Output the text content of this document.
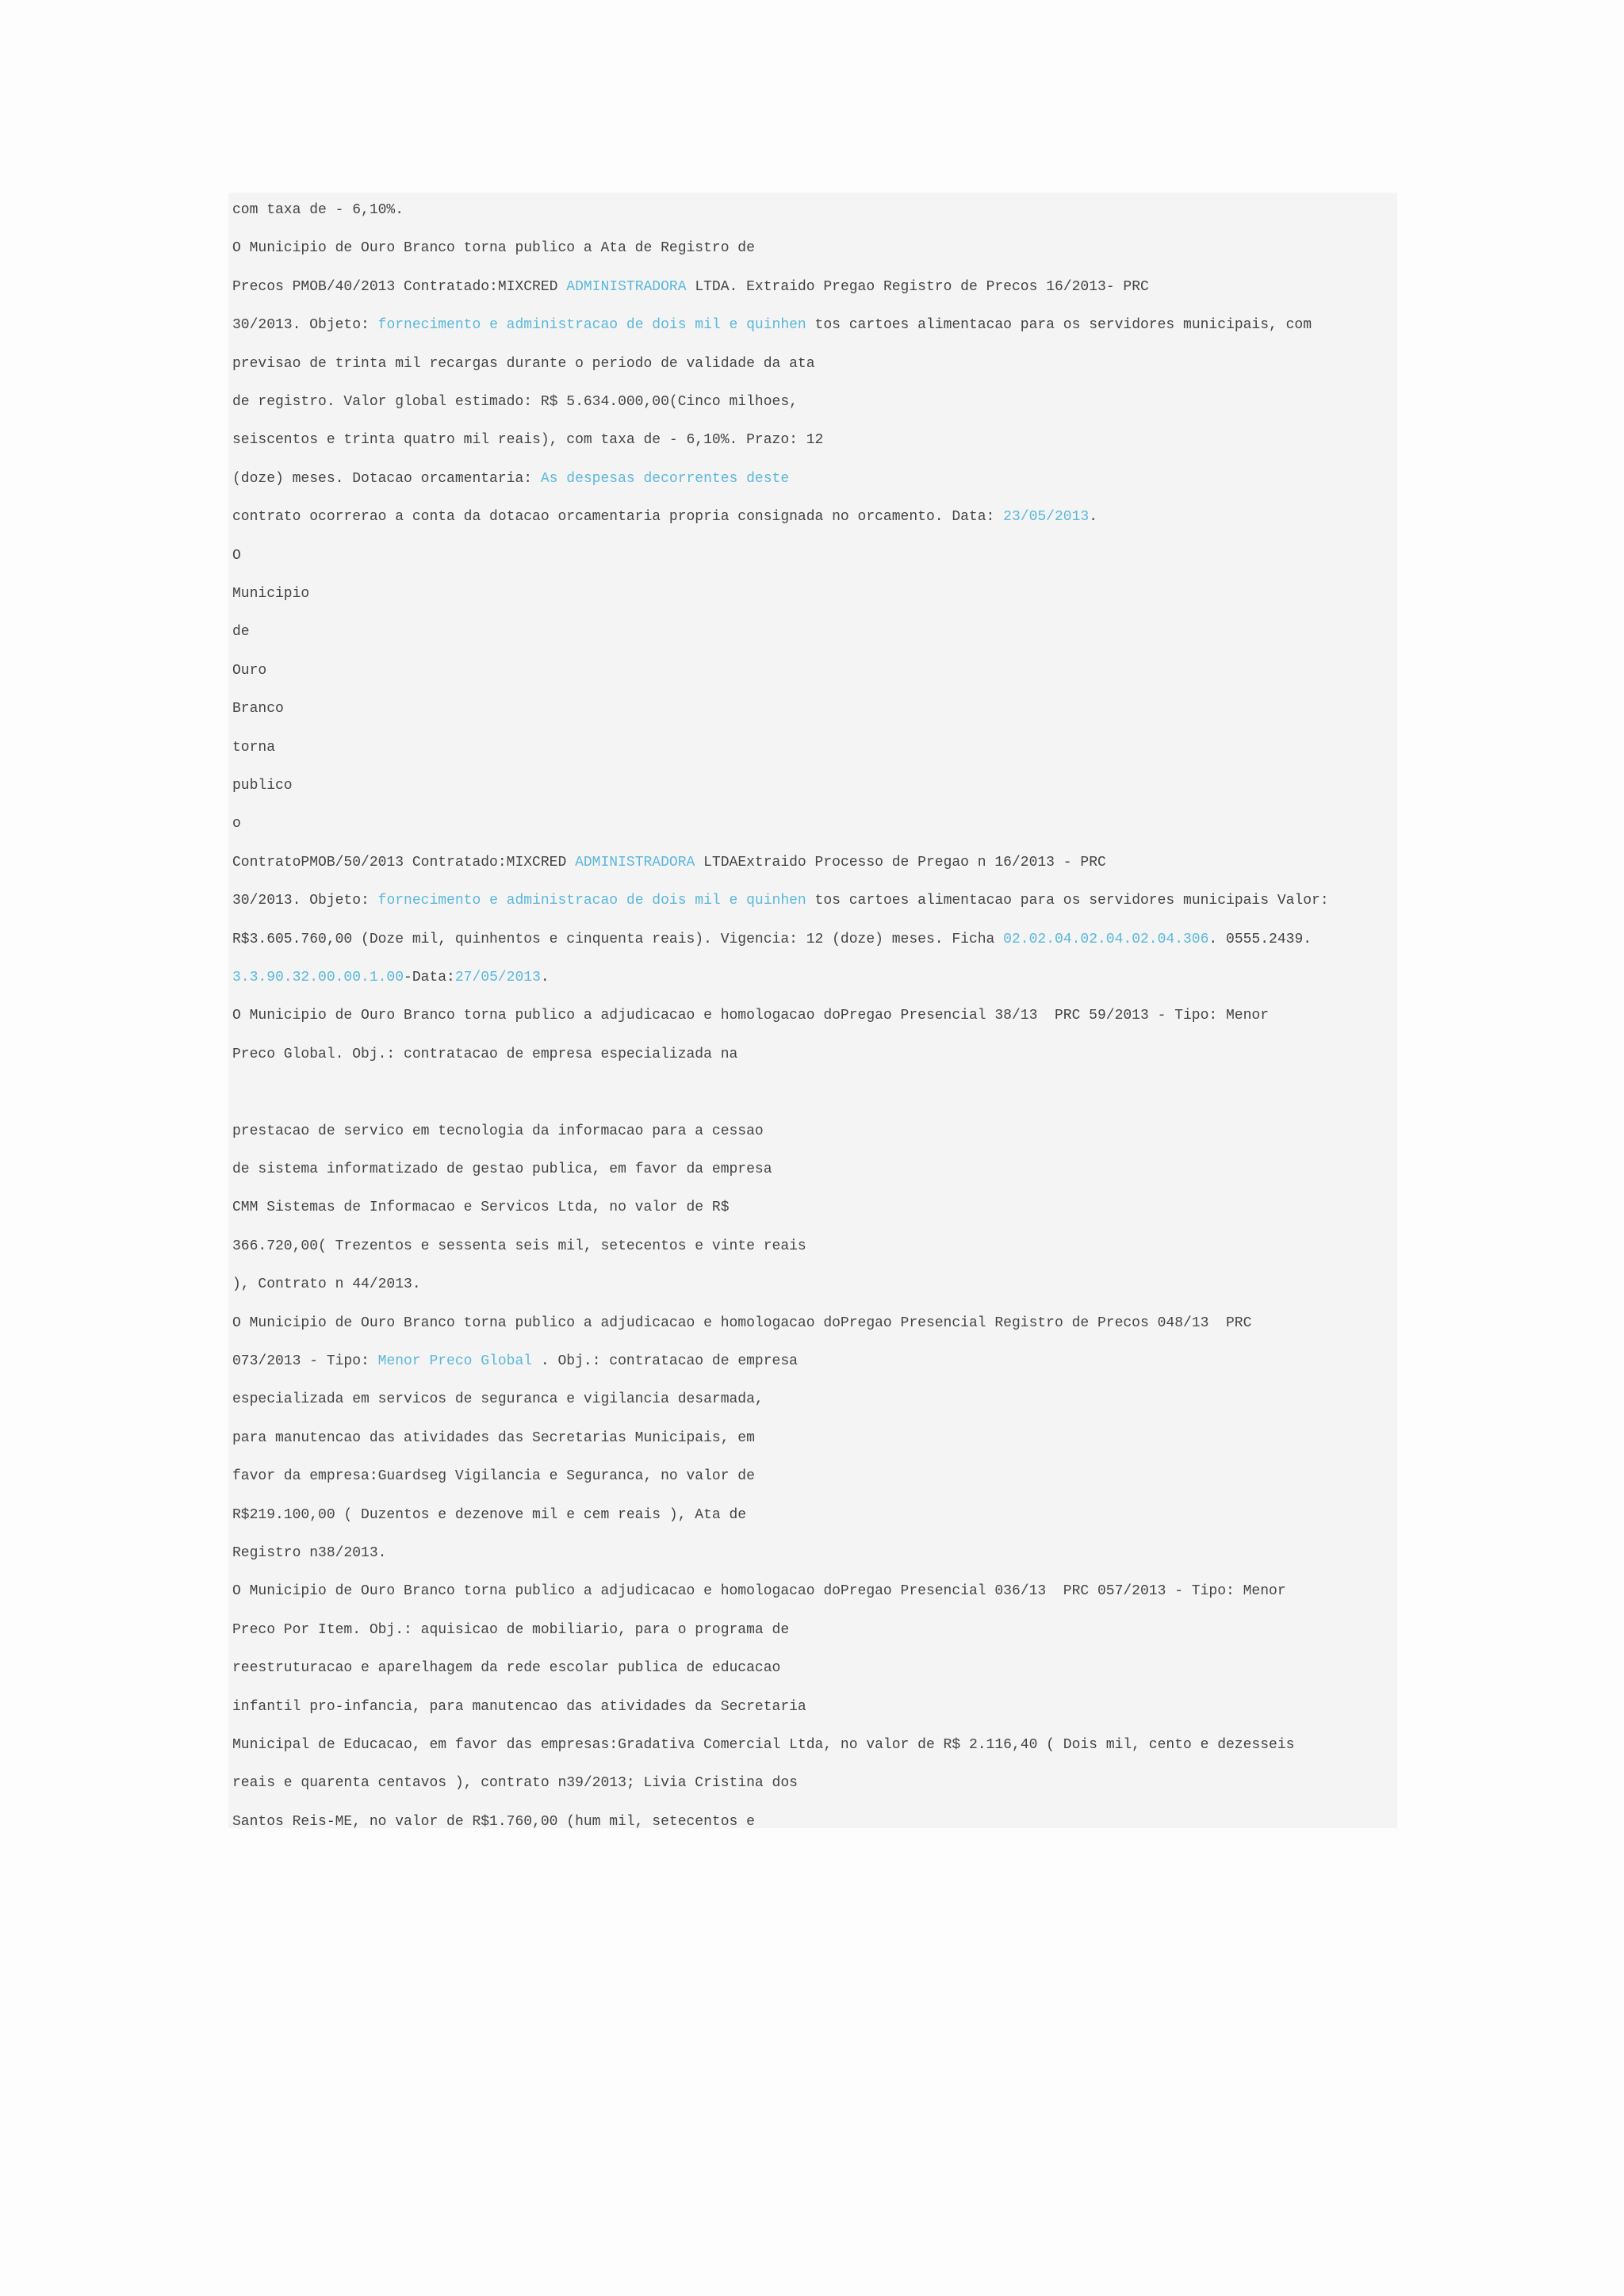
com taxa de - 6,10%.
O Municipio de Ouro Branco torna publico a Ata de Registro de
Precos PMOB/40/2013 Contratado:MIXCRED ADMINISTRADORA LTDA. Extraido Pregao Registro de Precos 16/2013- PRC
30/2013. Objeto: fornecimento e administracao de dois mil e quinhen tos cartoes alimentacao para os servidores municipais, com
previsao de trinta mil recargas durante o periodo de validade da ata
de registro. Valor global estimado: R$ 5.634.000,00(Cinco milhoes,
seiscentos e trinta quatro mil reais), com taxa de - 6,10%. Prazo: 12
(doze) meses. Dotacao orcamentaria: As despesas decorrentes deste
contrato ocorrerao a conta da dotacao orcamentaria propria consignada no orcamento. Data: 23/05/2013.
O
Municipio
de
Ouro
Branco
torna
publico
o
ContratoPMOB/50/2013 Contratado:MIXCRED ADMINISTRADORA LTDAExtraido Processo de Pregao n 16/2013 - PRC
30/2013. Objeto: fornecimento e administracao de dois mil e quinhen tos cartoes alimentacao para os servidores municipais Valor:
R$3.605.760,00 (Doze mil, quinhentos e cinquenta reais). Vigencia: 12 (doze) meses. Ficha 02.02.04.02.04.02.04.306. 0555.2439.
3.3.90.32.00.00.1.00-Data:27/05/2013.
O Municipio de Ouro Branco torna publico a adjudicacao e homologacao doPregao Presencial 38/13  PRC 59/2013 - Tipo: Menor
Preco Global. Obj.: contratacao de empresa especializada na
prestacao de servico em tecnologia da informacao para a cessao
de sistema informatizado de gestao publica, em favor da empresa
CMM Sistemas de Informacao e Servicos Ltda, no valor de R$
366.720,00( Trezentos e sessenta seis mil, setecentos e vinte reais
), Contrato n 44/2013.
O Municipio de Ouro Branco torna publico a adjudicacao e homologacao doPregao Presencial Registro de Precos 048/13  PRC
073/2013 - Tipo: Menor Preco Global . Obj.: contratacao de empresa
especializada em servicos de seguranca e vigilancia desarmada,
para manutencao das atividades das Secretarias Municipais, em
favor da empresa:Guardseg Vigilancia e Seguranca, no valor de
R$219.100,00 ( Duzentos e dezenove mil e cem reais ), Ata de
Registro n38/2013.
O Municipio de Ouro Branco torna publico a adjudicacao e homologacao doPregao Presencial 036/13  PRC 057/2013 - Tipo: Menor
Preco Por Item. Obj.: aquisicao de mobiliario, para o programa de
reestruturacao e aparelhagem da rede escolar publica de educacao
infantil pro-infancia, para manutencao das atividades da Secretaria
Municipal de Educacao, em favor das empresas:Gradativa Comercial Ltda, no valor de R$ 2.116,40 ( Dois mil, cento e dezesseis
reais e quarenta centavos ), contrato n39/2013; Livia Cristina dos
Santos Reis-ME, no valor de R$1.760,00 (hum mil, setecentos e
